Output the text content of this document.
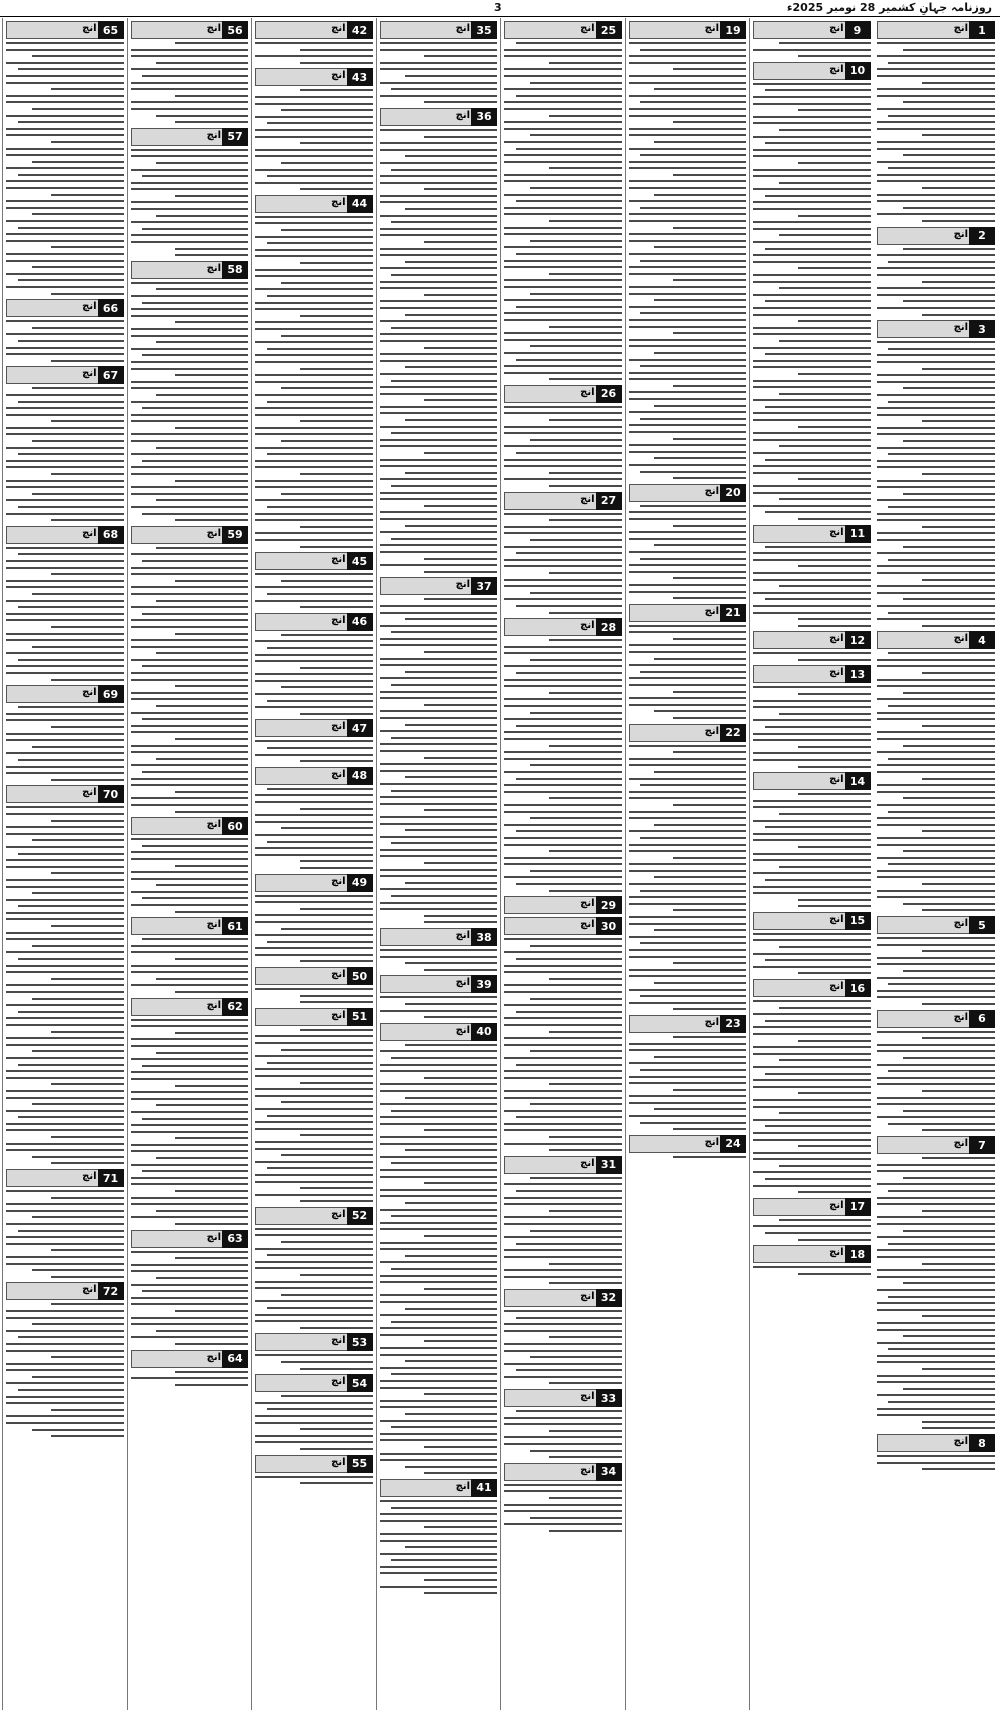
روزنامہ جہانِ کشمیر 28 نومبر 2025ء
3
1
انچ
2
انچ
3
انچ
4
انچ
5
انچ
6
انچ
7
انچ
8
انچ
9
انچ
10
انچ
11
انچ
12
انچ
13
انچ
14
انچ
15
انچ
16
انچ
17
انچ
18
انچ
19
انچ
20
انچ
21
انچ
22
انچ
23
انچ
24
انچ
25
انچ
26
انچ
27
انچ
28
انچ
29
انچ
30
انچ
31
انچ
32
انچ
33
انچ
34
انچ
35
انچ
36
انچ
37
انچ
38
انچ
39
انچ
40
انچ
41
انچ
42
انچ
43
انچ
44
انچ
45
انچ
46
انچ
47
انچ
48
انچ
49
انچ
50
انچ
51
انچ
52
انچ
53
انچ
54
انچ
55
انچ
56
انچ
57
انچ
58
انچ
59
انچ
60
انچ
61
انچ
62
انچ
63
انچ
64
انچ
65
انچ
66
انچ
67
انچ
68
انچ
69
انچ
70
انچ
71
انچ
72
انچ
